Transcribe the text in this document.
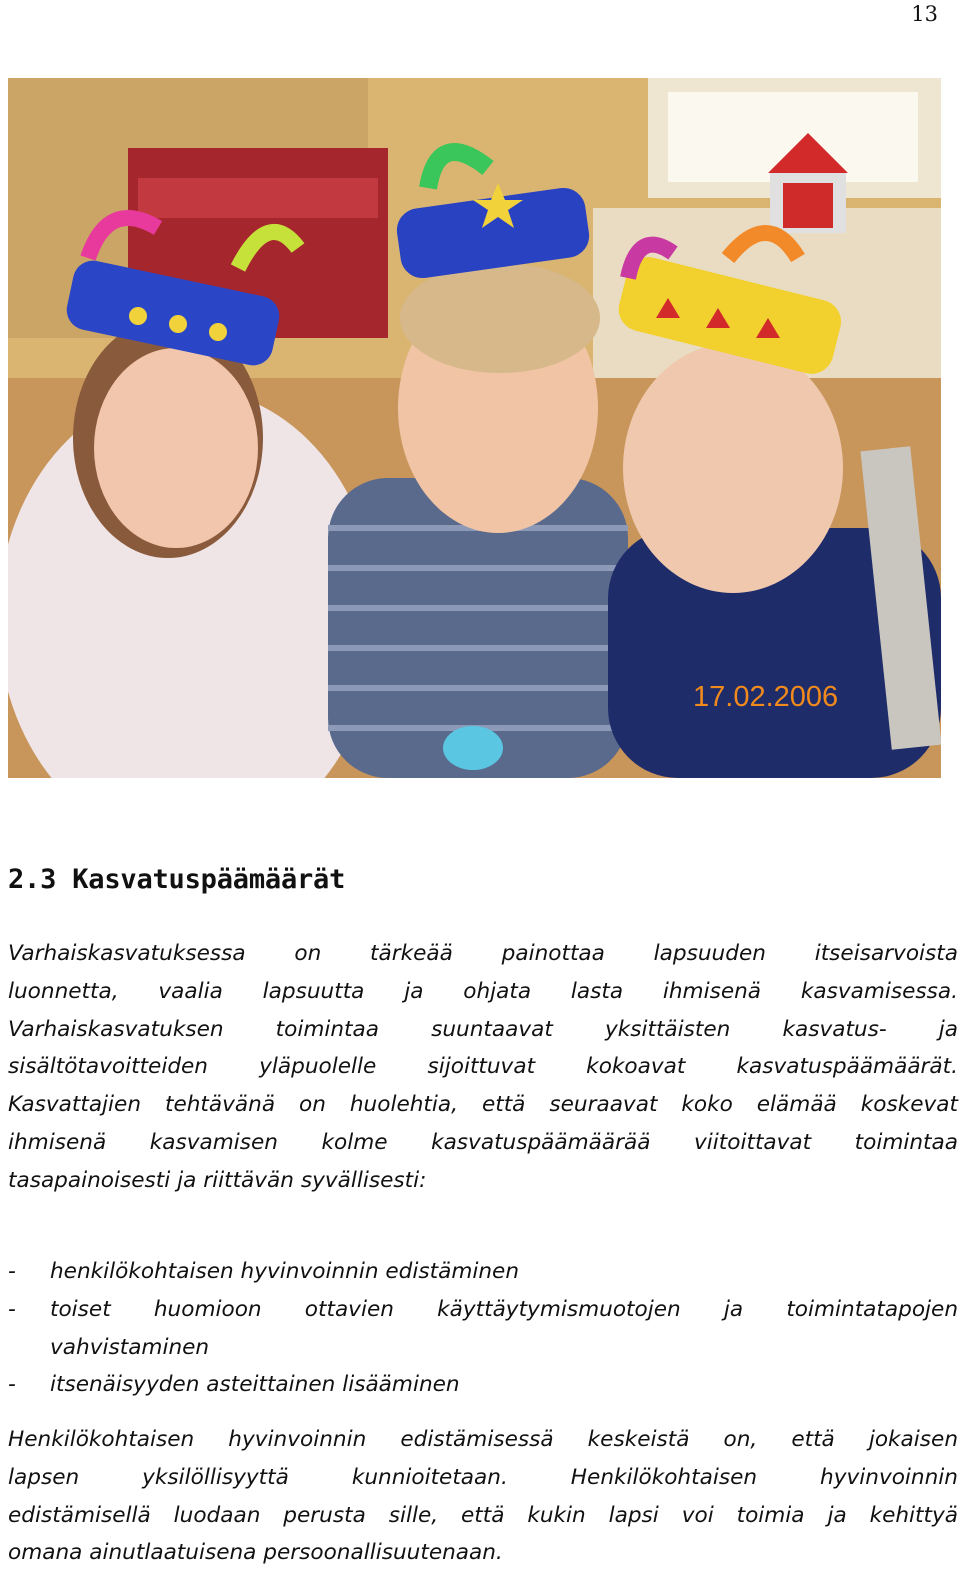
13
17.02.2006
2.3 Kasvatuspäämäärät

Varhaiskasvatuksessa on tärkeää painottaa lapsuuden itseisarvoista
luonnetta, vaalia lapsuutta ja ohjata lasta ihmisenä kasvamisessa.
Varhaiskasvatuksen toimintaa suuntaavat yksittäisten kasvatus- ja
sisältötavoitteiden yläpuolelle sijoittuvat kokoavat kasvatuspäämäärät.
Kasvattajien tehtävänä on huolehtia, että seuraavat koko elämää koskevat
ihmisenä kasvamisen kolme kasvatuspäämäärää viitoittavat toimintaa
tasapainoisesti ja riittävän syvällisesti:

- henkilökohtaisen hyvinvoinnin edistäminen
- toiset huomioon ottavien käyttäytymismuotojen ja toimintatapojen
vahvistaminen
- itsenäisyyden asteittainen lisääminen

Henkilökohtaisen hyvinvoinnin edistämisessä keskeistä on, että jokaisen
lapsen yksilöllisyyttä kunnioitetaan. Henkilökohtaisen hyvinvoinnin
edistämisellä luodaan perusta sille, että kukin lapsi voi toimia ja kehittyä
omana ainutlaatuisena persoonallisuutenaan.
